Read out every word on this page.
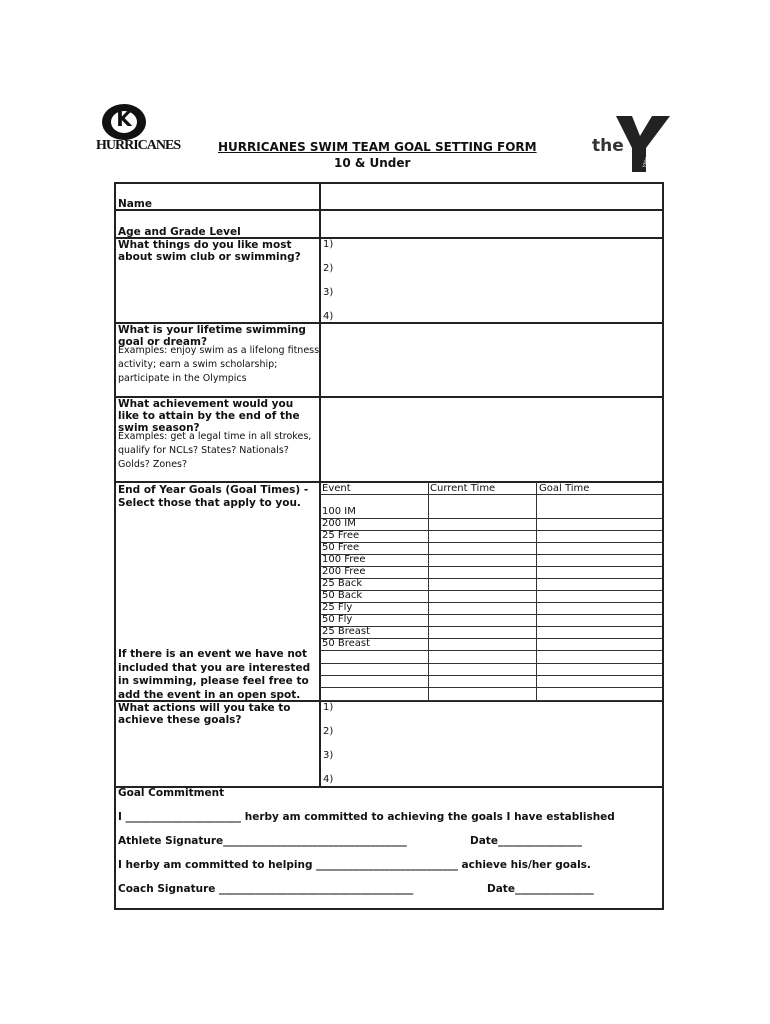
K
HURRICANES	HURRICANES SWIM TEAM GOAL SETTING FORM
10 & Under
the
YMCA
Name
Age and Grade Level
What things do you like most about swim club or swimming?
1)
2)
3)
4)
What is your lifetime swimming goal or dream?
Examples: enjoy swim as a lifelong fitness activity; earn a swim scholarship; participate in the Olympics
What achievement would you like to attain by the end of the swim season?
Examples: get a legal time in all strokes, qualify for NCLs? States? Nationals? Golds? Zones?
End of Year Goals (Goal Times) - Select those that apply to you.
If there is an event we have not included that you are interested in swimming, please feel free to add the event in an open spot.
Event	Current Time	Goal Time
100 IM
200 IM
25 Free
50 Free
100 Free
200 Free
25 Back
50 Back
25 Fly
50 Fly
25 Breast
50 Breast
What actions will you take to achieve these goals?
1)
2)
3)
4)
Goal Commitment
I ______________________ herby am committed to achieving the goals I have established
Athlete Signature___________________________________	Date________________
I herby am committed to helping ___________________________ achieve his/her goals.
Coach Signature _____________________________________	Date_______________
